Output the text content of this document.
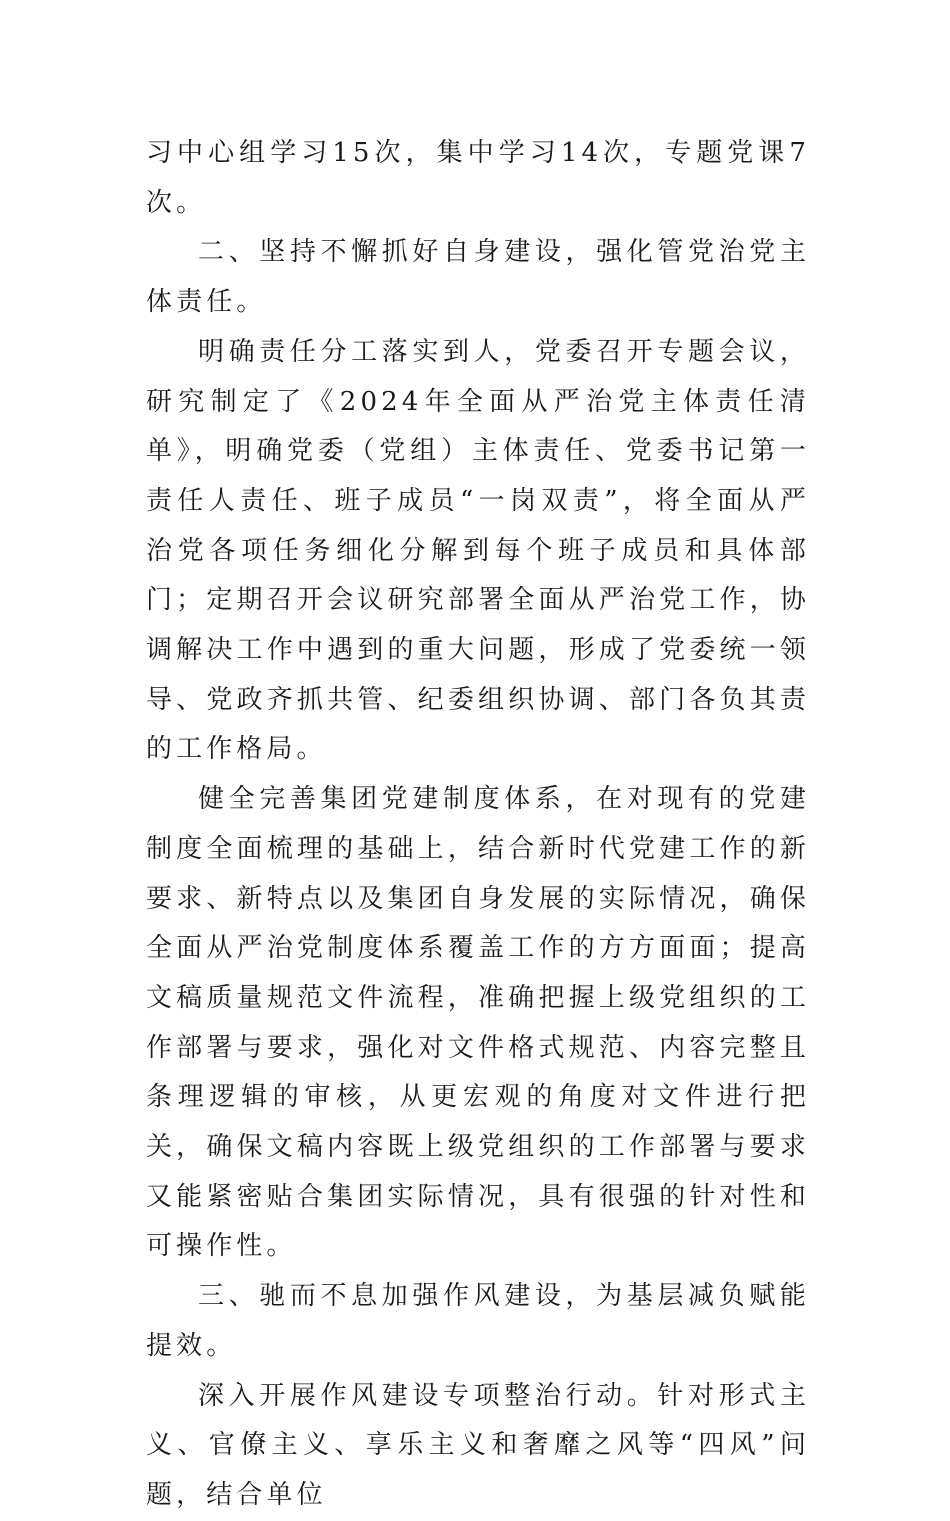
习中心组学习15次，集中学习14次，专题党课7次。

二、坚持不懈抓好自身建设，强化管党治党主体责任。

明确责任分工落实到人，党委召开专题会议，研究制定了《2024年全面从严治党主体责任清单》，明确党委（党组）主体责任、党委书记第一责任人责任、班子成员“一岗双责”，将全面从严治党各项任务细化分解到每个班子成员和具体部门；定期召开会议研究部署全面从严治党工作，协调解决工作中遇到的重大问题，形成了党委统一领导、党政齐抓共管、纪委组织协调、部门各负其责的工作格局。

健全完善集团党建制度体系，在对现有的党建制度全面梳理的基础上，结合新时代党建工作的新要求、新特点以及集团自身发展的实际情况，确保全面从严治党制度体系覆盖工作的方方面面；提高文稿质量规范文件流程，准确把握上级党组织的工作部署与要求，强化对文件格式规范、内容完整且条理逻辑的审核，从更宏观的角度对文件进行把关，确保文稿内容既上级党组织的工作部署与要求又能紧密贴合集团实际情况，具有很强的针对性和可操作性。

三、驰而不息加强作风建设，为基层减负赋能提效。

深入开展作风建设专项整治行动。针对形式主义、官僚主义、享乐主义和奢靡之风等“四风”问题，结合单位
